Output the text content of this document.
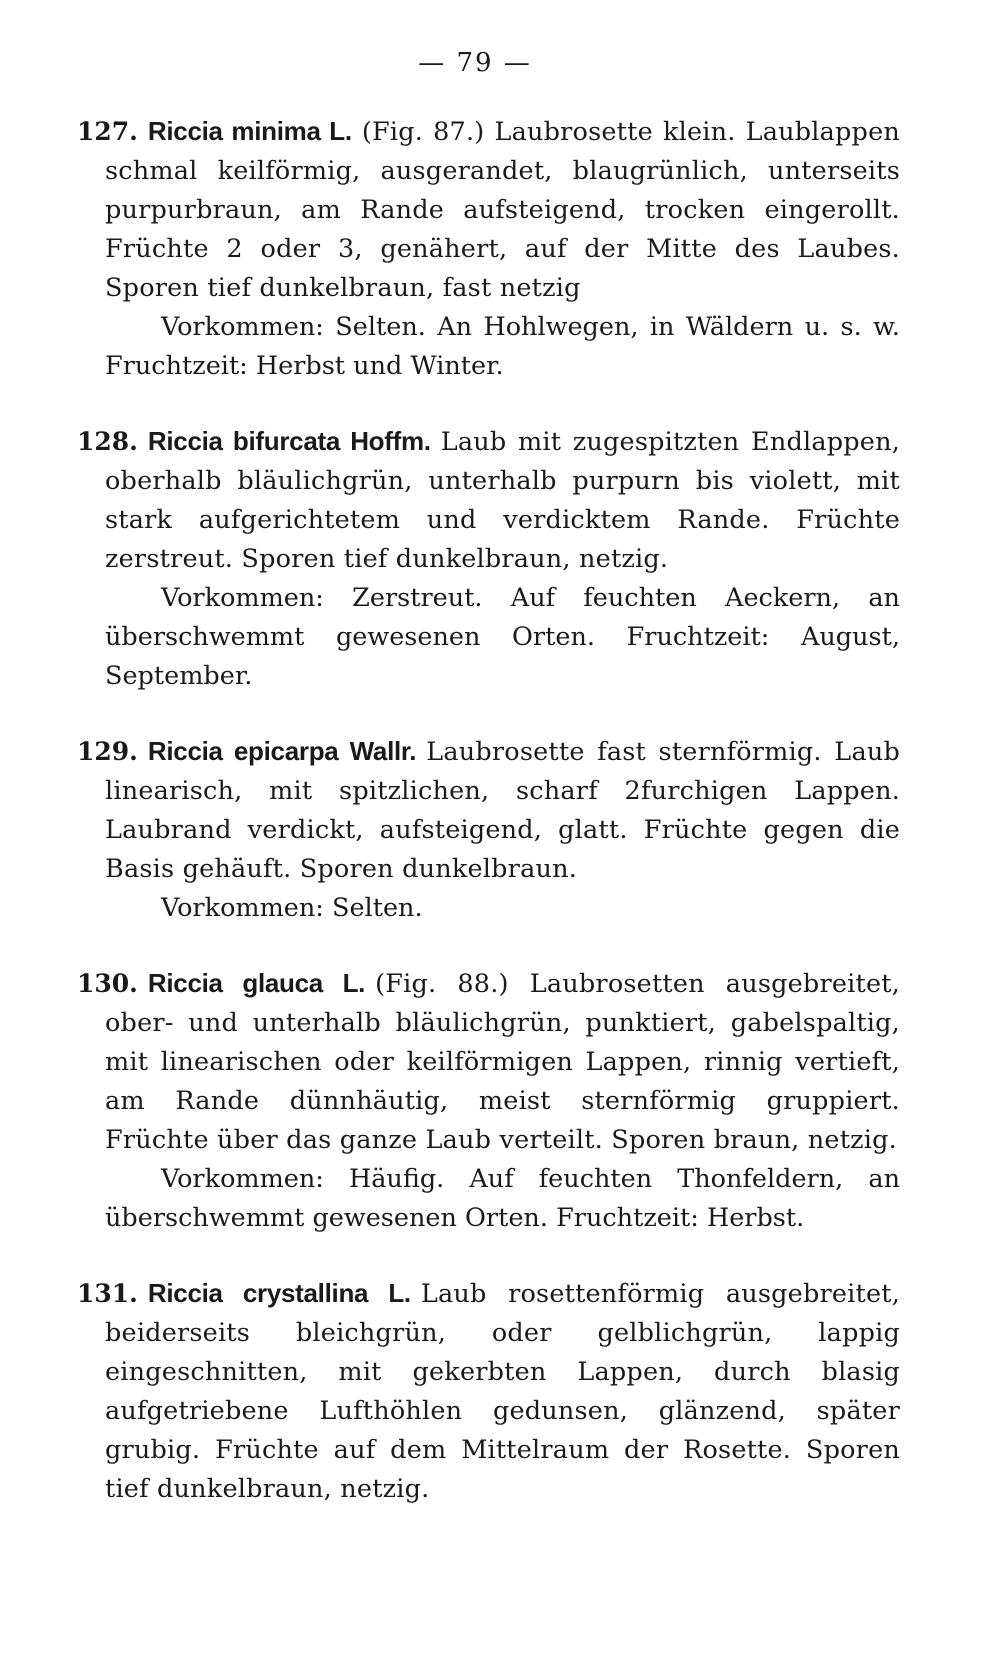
— 79 —
127. Riccia minima L. (Fig. 87.) Laubrosette klein. Laublappen schmal keilförmig, ausgerandet, blaugrünlich, unterseits purpurbraun, am Rande aufsteigend, trocken eingerollt. Früchte 2 oder 3, genähert, auf der Mitte des Laubes. Sporen tief dunkelbraun, fast netzig
Vorkommen: Selten. An Hohlwegen, in Wäldern u. s. w. Fruchtzeit: Herbst und Winter.
128. Riccia bifurcata Hoffm. Laub mit zugespitzten Endlappen, oberhalb bläulichgrün, unterhalb purpurn bis violett, mit stark aufgerichtetem und verdicktem Rande. Früchte zerstreut. Sporen tief dunkelbraun, netzig.
Vorkommen: Zerstreut. Auf feuchten Aeckern, an überschwemmt gewesenen Orten. Fruchtzeit: August, September.
129. Riccia epicarpa Wallr. Laubrosette fast sternförmig. Laub linearisch, mit spitzlichen, scharf 2furchigen Lappen. Laubrand verdickt, aufsteigend, glatt. Früchte gegen die Basis gehäuft. Sporen dunkelbraun.
Vorkommen: Selten.
130. Riccia glauca L. (Fig. 88.) Laubrosetten ausgebreitet, ober- und unterhalb bläulichgrün, punktiert, gabelspaltig, mit linearischen oder keilförmigen Lappen, rinnig vertieft, am Rande dünnhäutig, meist sternförmig gruppiert. Früchte über das ganze Laub verteilt. Sporen braun, netzig.
Vorkommen: Häufig. Auf feuchten Thonfeldern, an überschwemmt gewesenen Orten. Fruchtzeit: Herbst.
131. Riccia crystallina L. Laub rosettenförmig ausgebreitet, beiderseits bleichgrün, oder gelblichgrün, lappig eingeschnitten, mit gekerbten Lappen, durch blasig aufgetriebene Lufthöhlen gedunsen, glänzend, später grubig. Früchte auf dem Mittelraum der Rosette. Sporen tief dunkelbraun, netzig.
